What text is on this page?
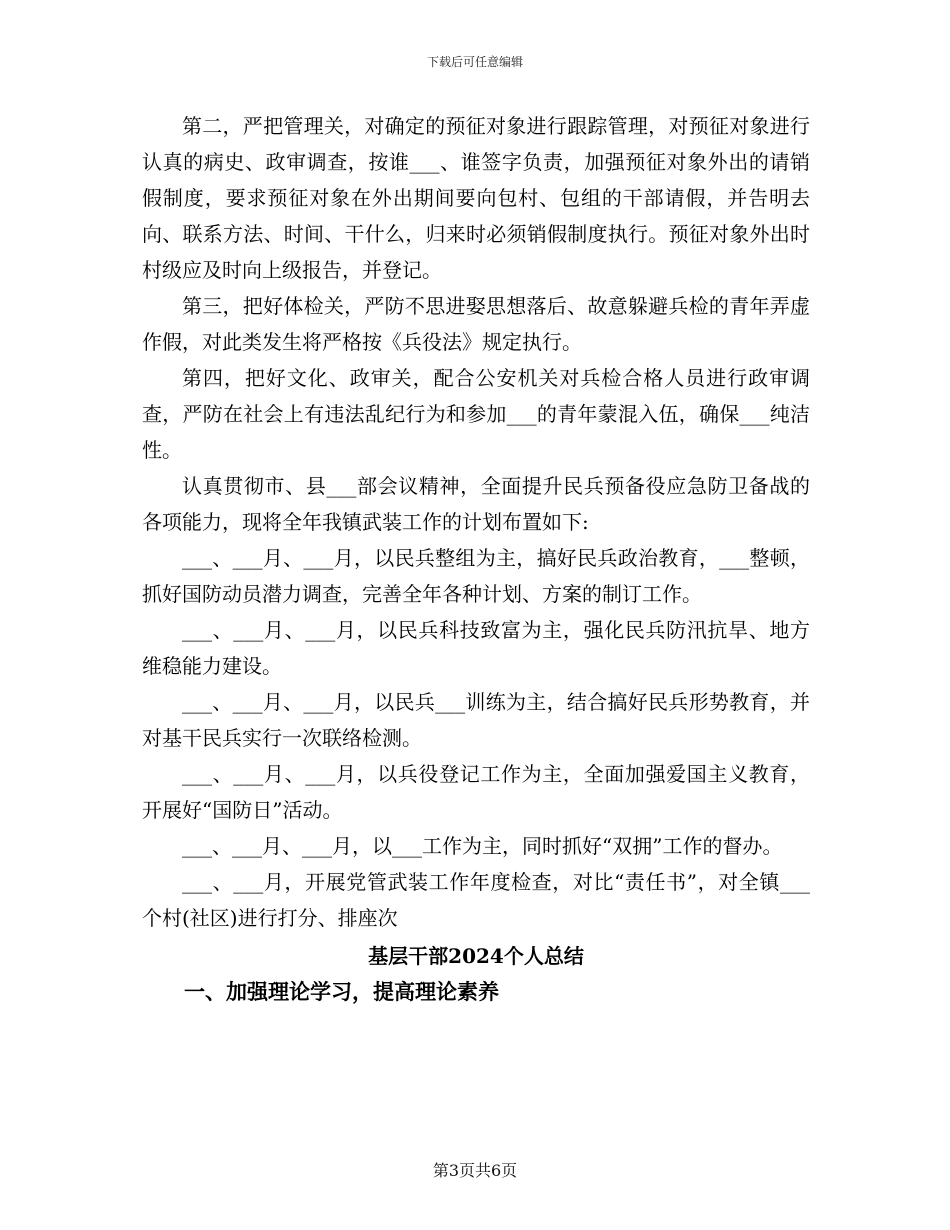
下载后可任意编辑

第二，严把管理关，对确定的预征对象进行跟踪管理，对预征对象进行认真的病史、政审调查，按谁___、谁签字负责，加强预征对象外出的请销假制度，要求预征对象在外出期间要向包村、包组的干部请假，并告明去向、联系方法、时间、干什么，归来时必须销假制度执行。预征对象外出时村级应及时向上级报告，并登记。

第三，把好体检关，严防不思进娶思想落后、故意躲避兵检的青年弄虚作假，对此类发生将严格按《兵役法》规定执行。

第四，把好文化、政审关，配合公安机关对兵检合格人员进行政审调查，严防在社会上有违法乱纪行为和参加___的青年蒙混入伍，确保___纯洁性。

认真贯彻市、县___部会议精神，全面提升民兵预备役应急防卫备战的各项能力，现将全年我镇武装工作的计划布置如下:

___、___月、___月，以民兵整组为主，搞好民兵政治教育，___整顿，抓好国防动员潜力调查，完善全年各种计划、方案的制订工作。

___、___月、___月，以民兵科技致富为主，强化民兵防汛抗旱、地方维稳能力建设。

___、___月、___月，以民兵___训练为主，结合搞好民兵形势教育，并对基干民兵实行一次联络检测。

___、___月、___月，以兵役登记工作为主，全面加强爱国主义教育，开展好“国防日”活动。

___、___月、___月，以___工作为主，同时抓好“双拥”工作的督办。

___、___月，开展党管武装工作年度检查，对比“责任书”，对全镇___个村(社区)进行打分、排座次

基层干部2024个人总结

一、加强理论学习，提高理论素养

第3页共6页
